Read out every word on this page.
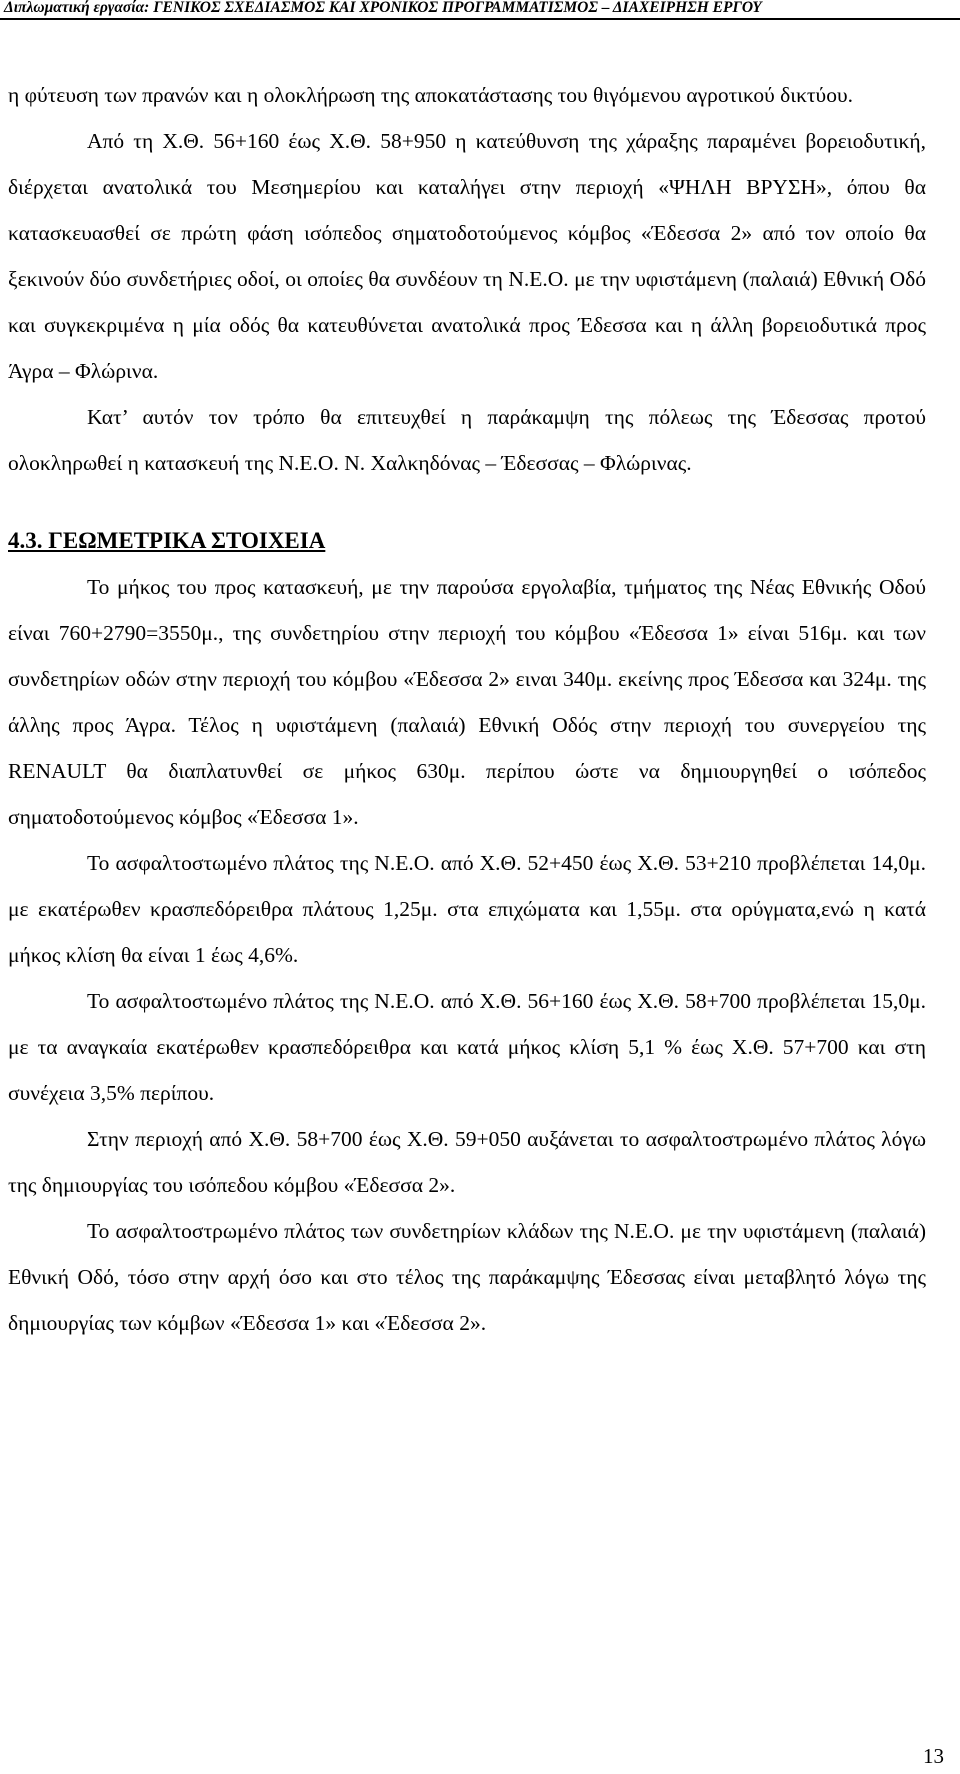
Διπλωματική εργασία: ΓΕΝΙΚΟΣ ΣΧΕΔΙΑΣΜΟΣ ΚΑΙ ΧΡΟΝΙΚΟΣ ΠΡΟΓΡΑΜΜΑΤΙΣΜΟΣ – ΔΙΑΧΕΙΡΗΣΗ ΕΡΓΟΥ

η φύτευση των πρανών και η ολοκλήρωση της αποκατάστασης του θιγόμενου αγροτικού δικτύου.

Από τη Χ.Θ. 56+160 έως Χ.Θ. 58+950 η κατεύθυνση της χάραξης παραμένει βορειοδυτική, διέρχεται ανατολικά του Μεσημερίου και καταλήγει στην περιοχή «ΨΗΛΗ ΒΡΥΣΗ», όπου θα κατασκευασθεί σε πρώτη φάση ισόπεδος σηματοδοτούμενος κόμβος «Έδεσσα 2» από τον οποίο θα ξεκινούν δύο συνδετήριες οδοί, οι οποίες θα συνδέουν τη Ν.Ε.Ο. με την υφιστάμενη (παλαιά) Εθνική Οδό και συγκεκριμένα η μία οδός θα κατευθύνεται ανατολικά προς Έδεσσα και η άλλη βορειοδυτικά προς Άγρα – Φλώρινα.

Κατ’ αυτόν τον τρόπο θα επιτευχθεί η παράκαμψη της πόλεως της Έδεσσας προτού ολοκληρωθεί η κατασκευή της Ν.Ε.Ο. Ν. Χαλκηδόνας – Έδεσσας – Φλώρινας.

4.3. ΓΕΩΜΕΤΡΙΚΑ ΣΤΟΙΧΕΙΑ

Το μήκος του προς κατασκευή, με την παρούσα εργολαβία, τμήματος της Νέας Εθνικής Οδού είναι 760+2790=3550μ., της συνδετηρίου στην περιοχή του κόμβου «Έδεσσα 1» είναι 516μ. και των συνδετηρίων οδών στην περιοχή του κόμβου «Έδεσσα 2» ειναι 340μ. εκείνης προς Έδεσσα και 324μ. της άλλης προς Άγρα. Τέλος η υφιστάμενη (παλαιά) Εθνική Οδός στην περιοχή του συνεργείου της RENAULT θα διαπλατυνθεί σε μήκος 630μ. περίπου ώστε να δημιουργηθεί ο ισόπεδος σηματοδοτούμενος κόμβος «Έδεσσα 1».

Το ασφαλτοστωμένο πλάτος της Ν.Ε.Ο. από Χ.Θ. 52+450 έως Χ.Θ. 53+210 προβλέπεται 14,0μ. με εκατέρωθεν κρασπεδόρειθρα πλάτους 1,25μ. στα επιχώματα και 1,55μ. στα ορύγματα,ενώ η κατά μήκος κλίση θα είναι 1 έως 4,6%.

Το ασφαλτοστωμένο πλάτος της Ν.Ε.Ο. από Χ.Θ. 56+160 έως Χ.Θ. 58+700 προβλέπεται 15,0μ. με τα αναγκαία εκατέρωθεν κρασπεδόρειθρα και κατά μήκος κλίση 5,1 % έως Χ.Θ. 57+700 και στη συνέχεια 3,5% περίπου.

Στην περιοχή από Χ.Θ. 58+700 έως Χ.Θ. 59+050 αυξάνεται το ασφαλτοστρωμένο πλάτος λόγω της δημιουργίας του ισόπεδου κόμβου «Έδεσσα 2».

Το ασφαλτοστρωμένο πλάτος των συνδετηρίων κλάδων της Ν.Ε.Ο. με την υφιστάμενη (παλαιά) Εθνική Οδό, τόσο στην αρχή όσο και στο τέλος της παράκαμψης Έδεσσας είναι μεταβλητό λόγω της δημιουργίας των κόμβων «Έδεσσα 1» και «Έδεσσα 2».

13
